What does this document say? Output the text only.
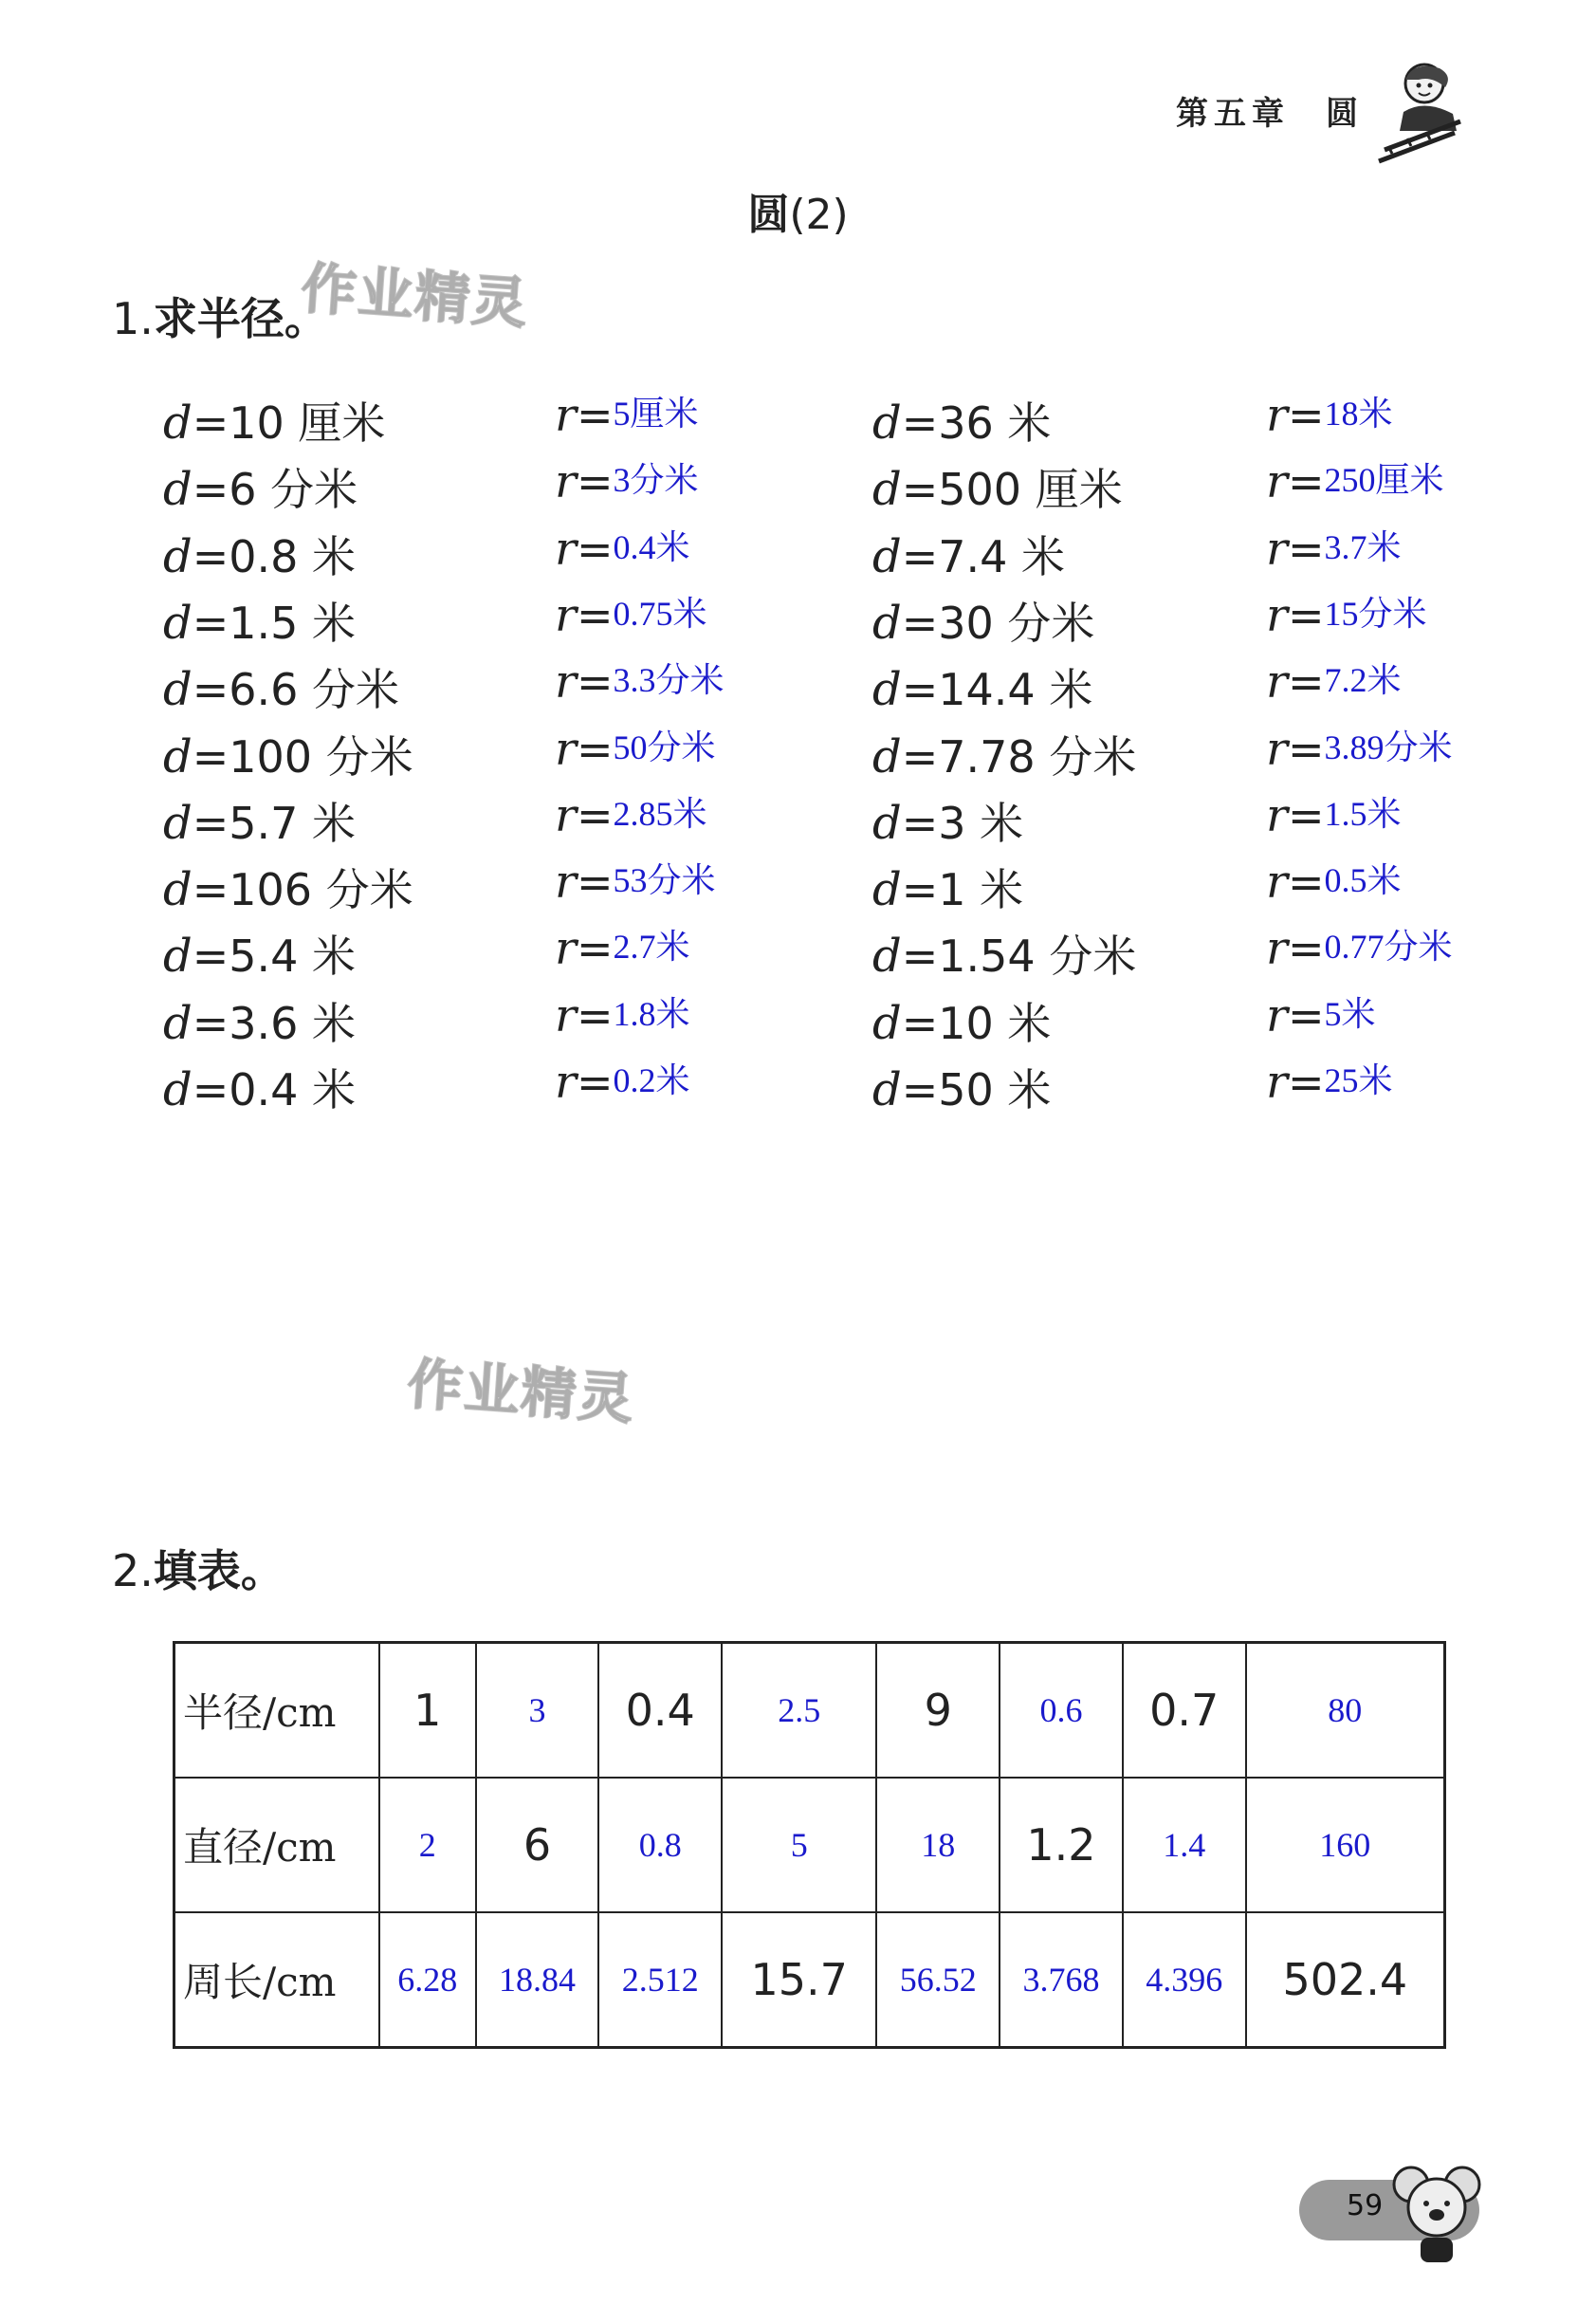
第五章 圆
圆(2)
作业精灵
作业精灵
1.求半径。
d=10 厘米	r=5厘米	d=36 米	r=18米
d=6 分米	r=3分米	d=500 厘米	r=250厘米
d=0.8 米	r=0.4米	d=7.4 米	r=3.7米
d=1.5 米	r=0.75米	d=30 分米	r=15分米
d=6.6 分米	r=3.3分米	d=14.4 米	r=7.2米
d=100 分米	r=50分米	d=7.78 分米	r=3.89分米
d=5.7 米	r=2.85米	d=3 米	r=1.5米
d=106 分米	r=53分米	d=1 米	r=0.5米
d=5.4 米	r=2.7米	d=1.54 分米	r=0.77分米
d=3.6 米	r=1.8米	d=10 米	r=5米
d=0.4 米	r=0.2米	d=50 米	r=25米
2.填表。
半径/cm	1	3	0.4	2.5	9	0.6	0.7	80
直径/cm	2	6	0.8	5	18	1.2	1.4	160
周长/cm	6.28	18.84	2.512	15.7	56.52	3.768	4.396	502.4
59
